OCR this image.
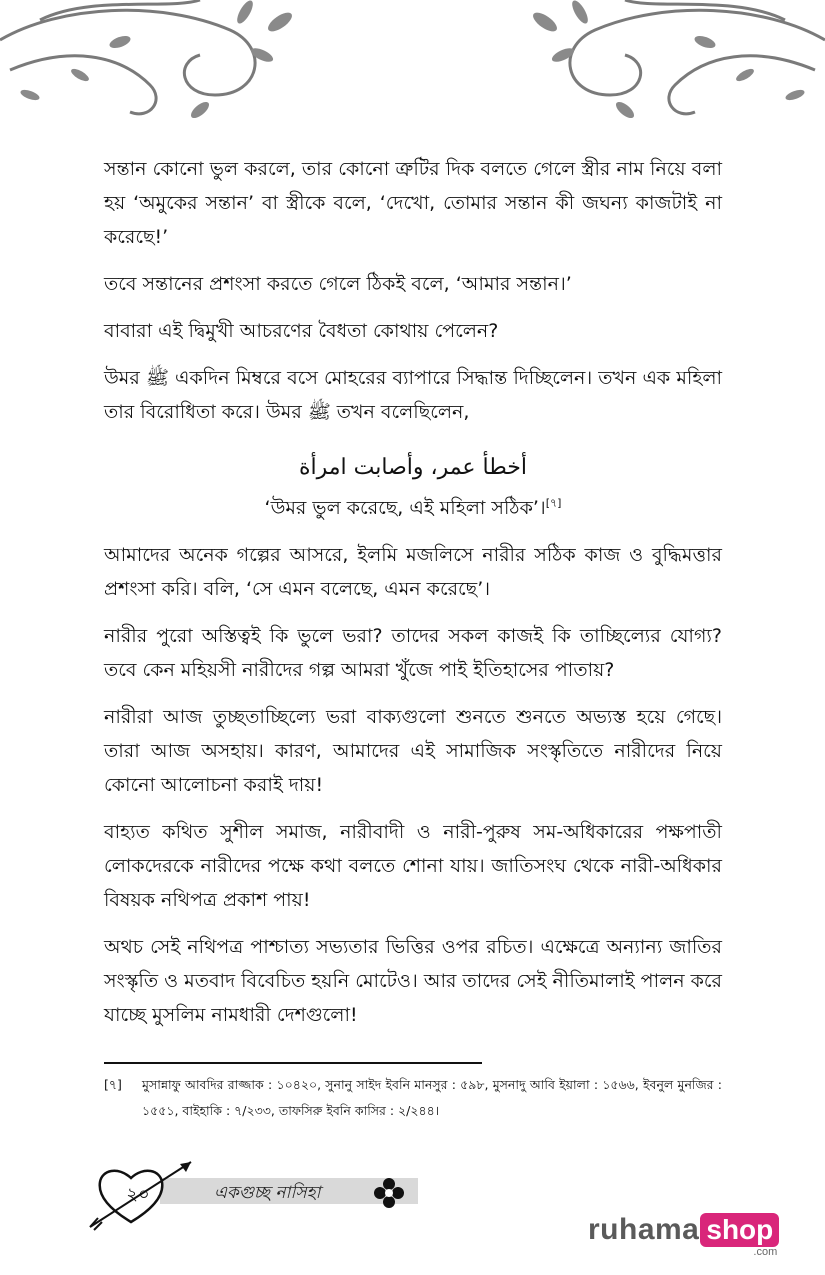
সন্তান কোনো ভুল করলে, তার কোনো ত্রুটির দিক বলতে গেলে স্ত্রীর নাম নিয়ে বলা হয় ‘অমুকের সন্তান’ বা স্ত্রীকে বলে, ‘দেখো, তোমার সন্তান কী জঘন্য কাজটাই না করেছে!’

তবে সন্তানের প্রশংসা করতে গেলে ঠিকই বলে, ‘আমার সন্তান।’

বাবারা এই দ্বিমুখী আচরণের বৈধতা কোথায় পেলেন?

উমর ﷺ একদিন মিম্বরে বসে মোহরের ব্যাপারে সিদ্ধান্ত দিচ্ছিলেন। তখন এক মহিলা তার বিরোধিতা করে। উমর ﷺ তখন বলেছিলেন,

أخطأ عمر، وأصابت امرأة

‘উমর ভুল করেছে, এই মহিলা সঠিক’।[৭]

আমাদের অনেক গল্পের আসরে, ইলমি মজলিসে নারীর সঠিক কাজ ও বুদ্ধিমত্তার প্রশংসা করি। বলি, ‘সে এমন বলেছে, এমন করেছে’।

নারীর পুরো অস্তিত্বই কি ভুলে ভরা? তাদের সকল কাজই কি তাচ্ছিল্যের যোগ্য? তবে কেন মহিয়সী নারীদের গল্প আমরা খুঁজে পাই ইতিহাসের পাতায়?

নারীরা আজ তুচ্ছতাচ্ছিল্যে ভরা বাক্যগুলো শুনতে শুনতে অভ্যস্ত হয়ে গেছে। তারা আজ অসহায়। কারণ, আমাদের এই সামাজিক সংস্কৃতিতে নারীদের নিয়ে কোনো আলোচনা করাই দায়!

বাহ্যত কথিত সুশীল সমাজ, নারীবাদী ও নারী-পুরুষ সম-অধিকারের পক্ষপাতী লোকদেরকে নারীদের পক্ষে কথা বলতে শোনা যায়। জাতিসংঘ থেকে নারী-অধিকার বিষয়ক নথিপত্র প্রকাশ পায়!

অথচ সেই নথিপত্র পাশ্চাত্য সভ্যতার ভিত্তির ওপর রচিত। এক্ষেত্রে অন্যান্য জাতির সংস্কৃতি ও মতবাদ বিবেচিত হয়নি মোটেও। আর তাদের সেই নীতিমালাই পালন করে যাচ্ছে মুসলিম নামধারী দেশগুলো!

[৭]	মুসান্নাফু আবদির রাজ্জাক : ১০৪২০, সুনানু সাইদ ইবনি মানসুর : ৫৯৮, মুসনাদু আবি ইয়ালা : ১৫৬৬, ইবনুল মুনজির : ১৫৫১, বাইহাকি : ৭/২৩৩, তাফসিরু ইবনি কাসির : ২/২৪৪।
২০	একগুচ্ছ নাসিহা
ruhama shop
.com
